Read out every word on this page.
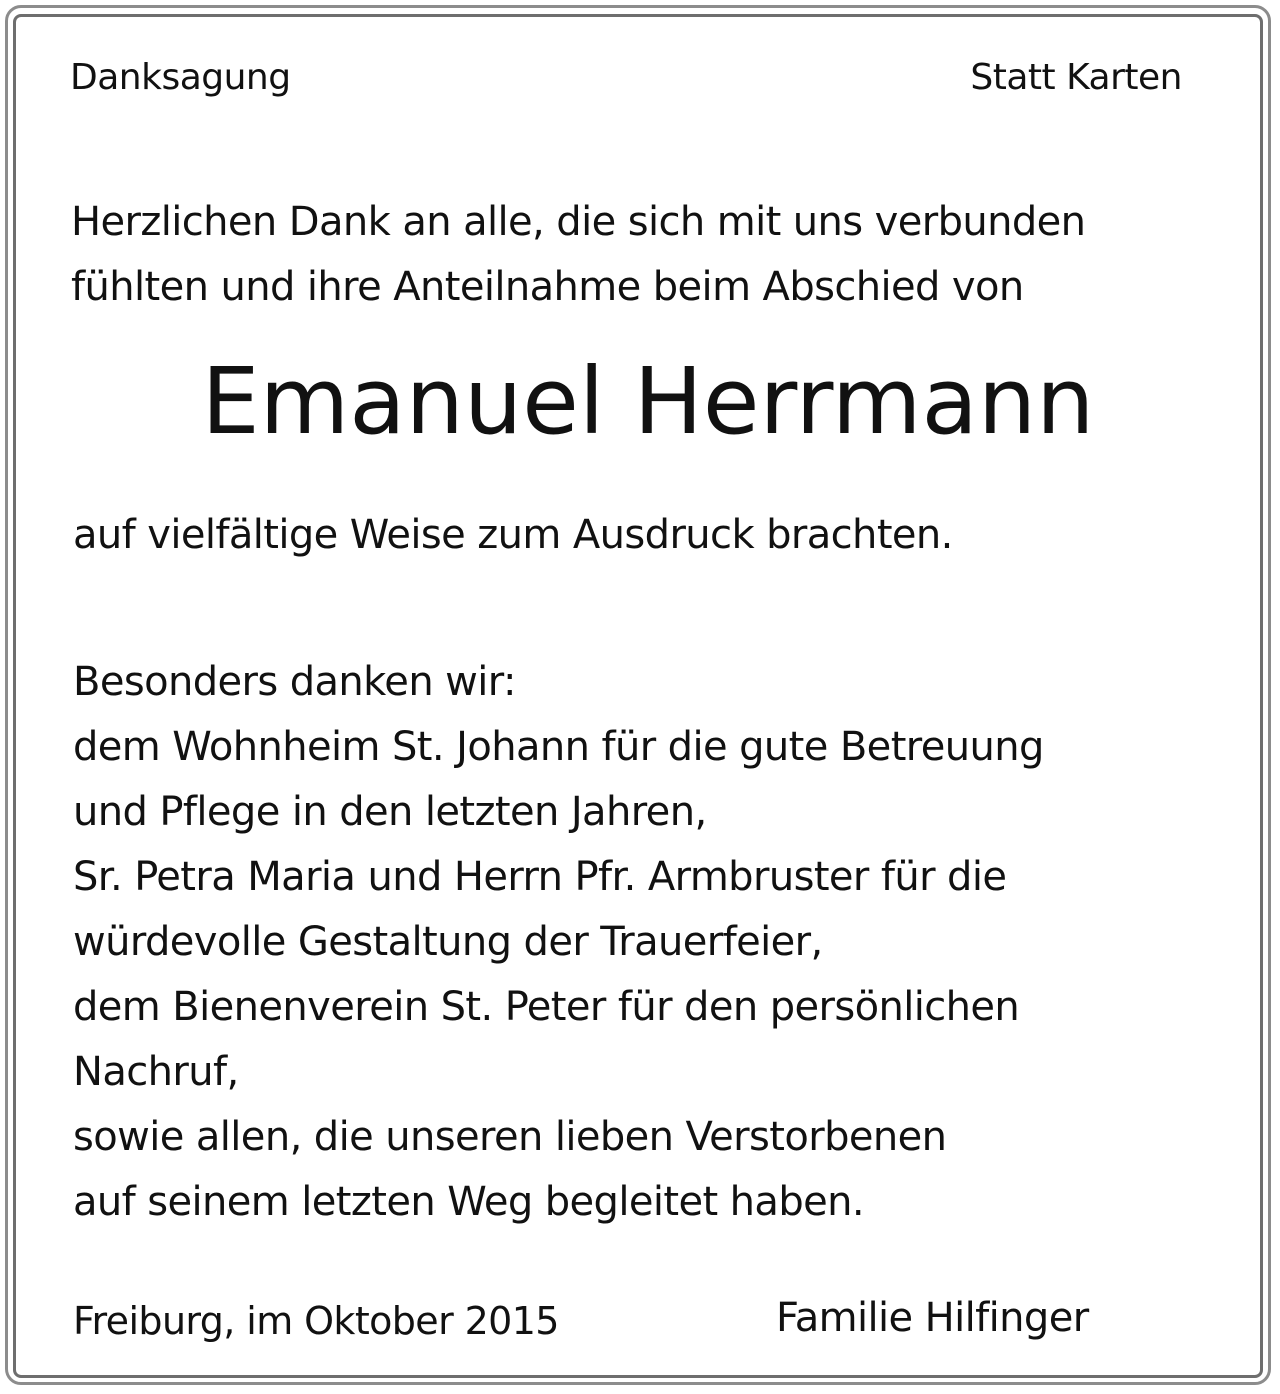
Danksagung	Statt Karten
Herzlichen Dank an alle, die sich mit uns verbunden
fühlten und ihre Anteilnahme beim Abschied von
Emanuel Herrmann
auf vielfältige Weise zum Ausdruck brachten.
Besonders danken wir:
dem Wohnheim St. Johann für die gute Betreuung
und Pflege in den letzten Jahren,
Sr. Petra Maria und Herrn Pfr. Armbruster für die
würdevolle Gestaltung der Trauerfeier,
dem Bienenverein St. Peter für den persönlichen
Nachruf,
sowie allen, die unseren lieben Verstorbenen
auf seinem letzten Weg begleitet haben.
Freiburg, im Oktober 2015	Familie Hilfinger
